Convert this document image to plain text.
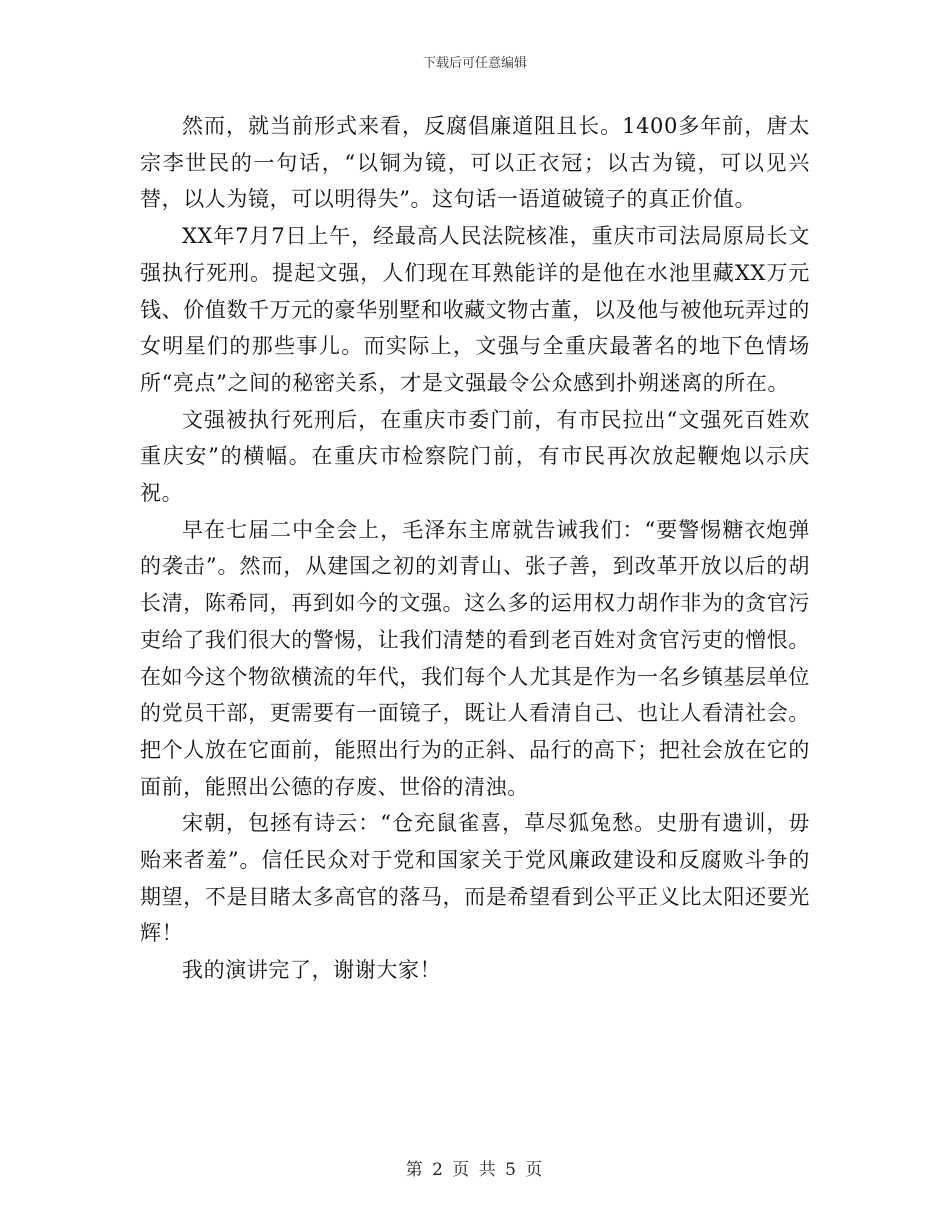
下载后可任意编辑

然而，就当前形式来看，反腐倡廉道阻且长。1400多年前，唐太宗李世民的一句话，“以铜为镜，可以正衣冠；以古为镜，可以见兴替，以人为镜，可以明得失”。这句话一语道破镜子的真正价值。

XX年7月7日上午，经最高人民法院核准，重庆市司法局原局长文强执行死刑。提起文强，人们现在耳熟能详的是他在水池里藏XX万元钱、价值数千万元的豪华别墅和收藏文物古董，以及他与被他玩弄过的女明星们的那些事儿。而实际上，文强与全重庆最著名的地下色情场所“亮点”之间的秘密关系，才是文强最令公众感到扑朔迷离的所在。

文强被执行死刑后，在重庆市委门前，有市民拉出“文强死百姓欢重庆安”的横幅。在重庆市检察院门前，有市民再次放起鞭炮以示庆祝。

早在七届二中全会上，毛泽东主席就告诫我们：“要警惕糖衣炮弹的袭击”。然而，从建国之初的刘青山、张子善，到改革开放以后的胡长清，陈希同，再到如今的文强。这么多的运用权力胡作非为的贪官污吏给了我们很大的警惕，让我们清楚的看到老百姓对贪官污吏的憎恨。在如今这个物欲横流的年代，我们每个人尤其是作为一名乡镇基层单位的党员干部，更需要有一面镜子，既让人看清自己、也让人看清社会。把个人放在它面前，能照出行为的正斜、品行的高下；把社会放在它的面前，能照出公德的存废、世俗的清浊。

宋朝，包拯有诗云：“仓充鼠雀喜，草尽狐兔愁。史册有遗训，毋贻来者羞”。信任民众对于党和国家关于党风廉政建设和反腐败斗争的期望，不是目睹太多高官的落马，而是希望看到公平正义比太阳还要光辉！

我的演讲完了，谢谢大家！

第 2 页 共 5 页
